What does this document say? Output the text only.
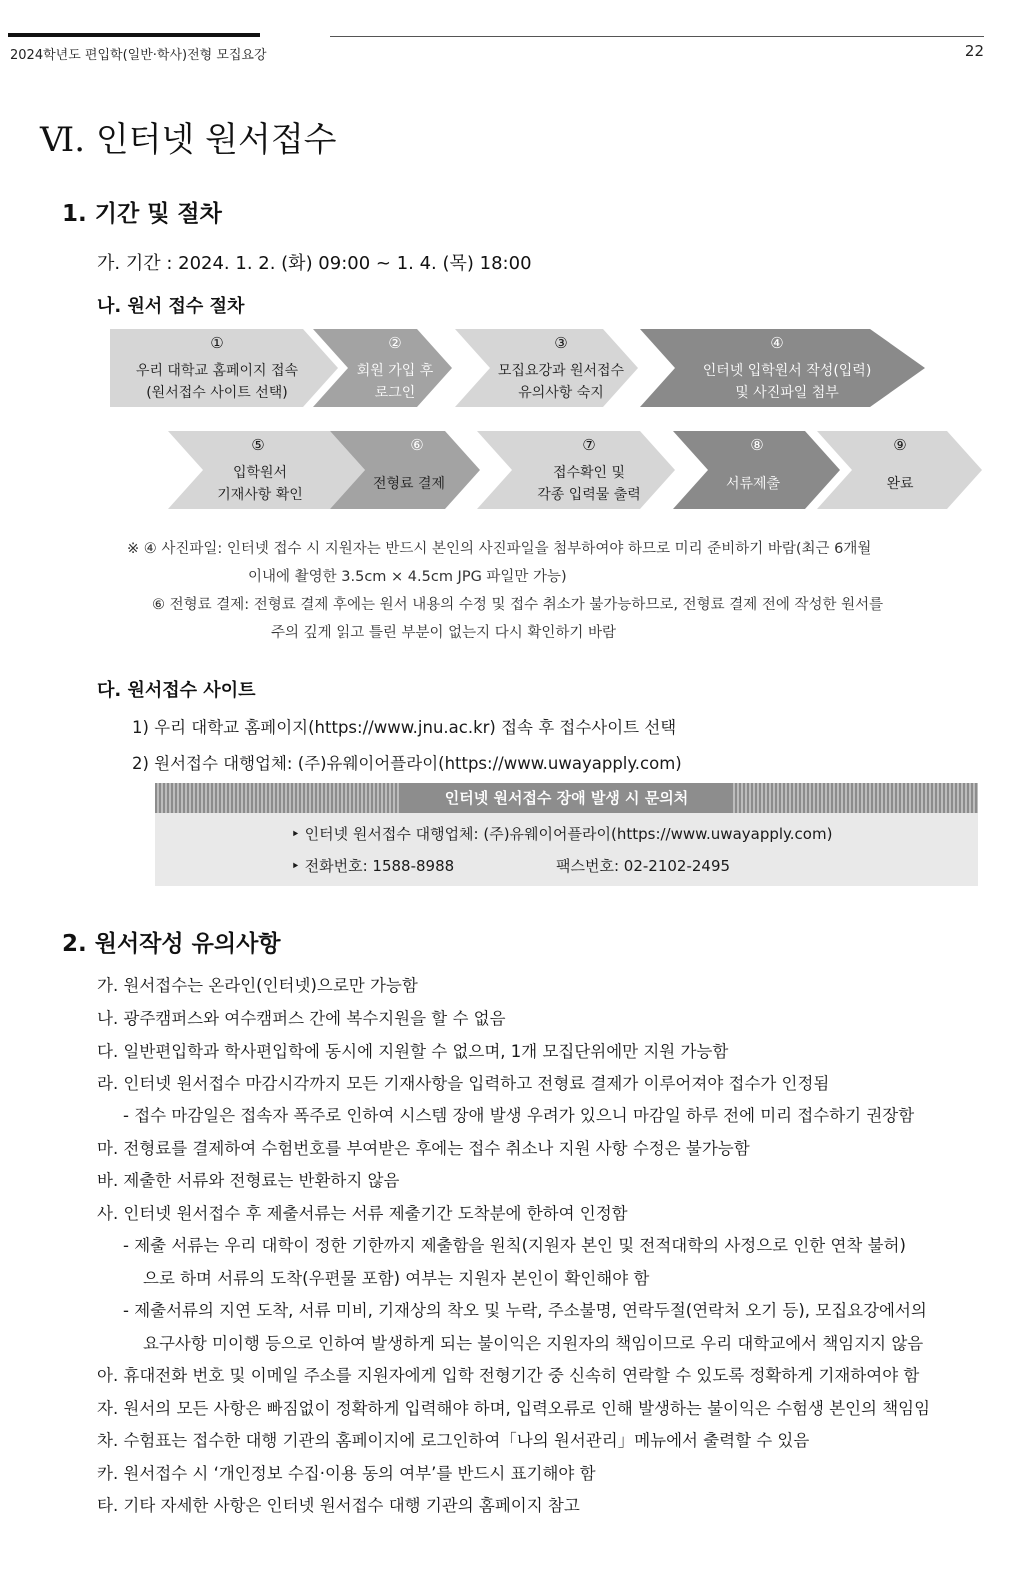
2024학년도 편입학(일반·학사)전형 모집요강	22
Ⅵ. 인터넷 원서접수
1. 기간 및 절차
가. 기간 : 2024. 1. 2. (화) 09:00 ~ 1. 4. (목) 18:00
나. 원서 접수 절차
①
우리 대학교 홈페이지 접속
(원서접수 사이트 선택)
②
회원 가입 후
로그인
③
모집요강과 원서접수
유의사항 숙지
④
인터넷 입학원서 작성(입력)
및 사진파일 첨부
⑤
입학원서
기재사항 확인
⑥
전형료 결제
⑦
접수확인 및
각종 입력물 출력
⑧
서류제출
⑨
완료
※ ④ 사진파일: 인터넷 접수 시 지원자는 반드시 본인의 사진파일을 첨부하여야 하므로 미리 준비하기 바람(최근 6개월
이내에 촬영한 3.5cm × 4.5cm JPG 파일만 가능)
⑥ 전형료 결제: 전형료 결제 후에는 원서 내용의 수정 및 접수 취소가 불가능하므로, 전형료 결제 전에 작성한 원서를
주의 깊게 읽고 틀린 부분이 없는지 다시 확인하기 바람
다. 원서접수 사이트
1) 우리 대학교 홈페이지(https://www.jnu.ac.kr) 접속 후 접수사이트 선택
2) 원서접수 대행업체: (주)유웨이어플라이(https://www.uwayapply.com)
인터넷 원서접수 장애 발생 시 문의처
‣ 인터넷 원서접수 대행업체: (주)유웨이어플라이(https://www.uwayapply.com)
‣ 전화번호: 1588-8988	팩스번호: 02-2102-2495
2. 원서작성 유의사항
가. 원서접수는 온라인(인터넷)으로만 가능함
나. 광주캠퍼스와 여수캠퍼스 간에 복수지원을 할 수 없음
다. 일반편입학과 학사편입학에 동시에 지원할 수 없으며, 1개 모집단위에만 지원 가능함
라. 인터넷 원서접수 마감시각까지 모든 기재사항을 입력하고 전형료 결제가 이루어져야 접수가 인정됨
- 접수 마감일은 접속자 폭주로 인하여 시스템 장애 발생 우려가 있으니 마감일 하루 전에 미리 접수하기 권장함
마. 전형료를 결제하여 수험번호를 부여받은 후에는 접수 취소나 지원 사항 수정은 불가능함
바. 제출한 서류와 전형료는 반환하지 않음
사. 인터넷 원서접수 후 제출서류는 서류 제출기간 도착분에 한하여 인정함
- 제출 서류는 우리 대학이 정한 기한까지 제출함을 원칙(지원자 본인 및 전적대학의 사정으로 인한 연착 불허)
으로 하며 서류의 도착(우편물 포함) 여부는 지원자 본인이 확인해야 함
- 제출서류의 지연 도착, 서류 미비, 기재상의 착오 및 누락, 주소불명, 연락두절(연락처 오기 등), 모집요강에서의
요구사항 미이행 등으로 인하여 발생하게 되는 불이익은 지원자의 책임이므로 우리 대학교에서 책임지지 않음
아. 휴대전화 번호 및 이메일 주소를 지원자에게 입학 전형기간 중 신속히 연락할 수 있도록 정확하게 기재하여야 함
자. 원서의 모든 사항은 빠짐없이 정확하게 입력해야 하며, 입력오류로 인해 발생하는 불이익은 수험생 본인의 책임임
차. 수험표는 접수한 대행 기관의 홈페이지에 로그인하여「나의 원서관리」메뉴에서 출력할 수 있음
카. 원서접수 시 ‘개인정보 수집·이용 동의 여부’를 반드시 표기해야 함
타. 기타 자세한 사항은 인터넷 원서접수 대행 기관의 홈페이지 참고
